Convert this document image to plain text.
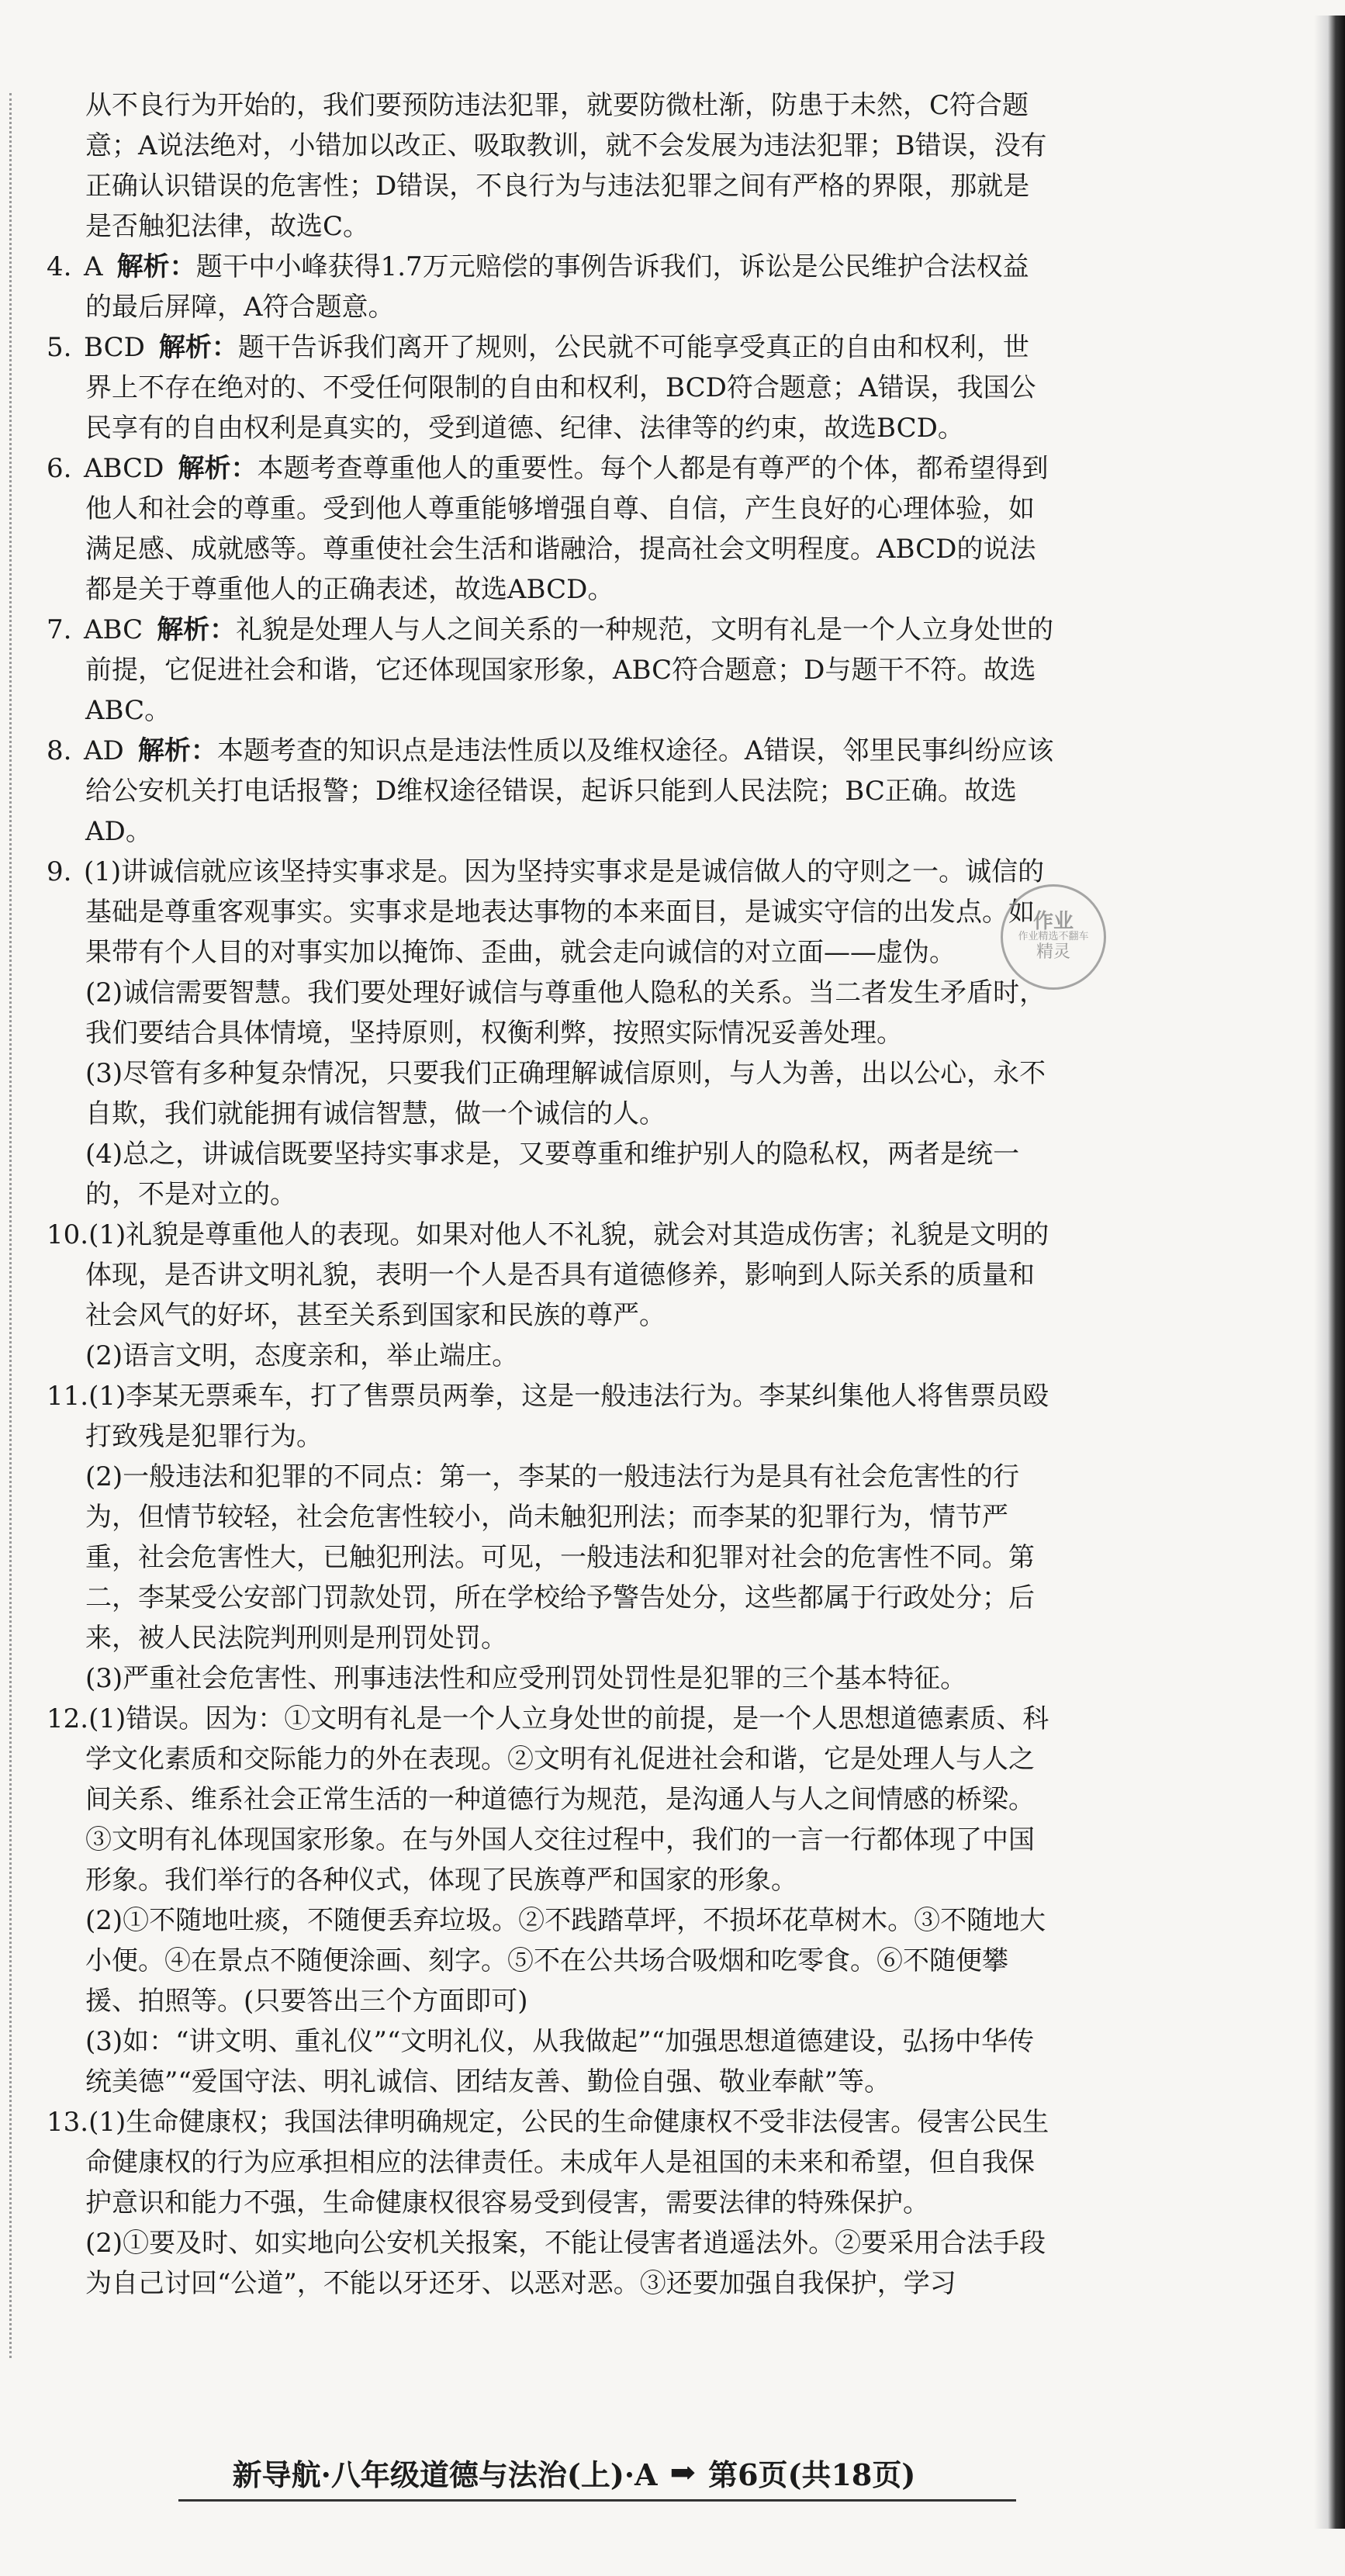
从不良行为开始的，我们要预防违法犯罪，就要防微杜渐，防患于未然，C符合题
意；A说法绝对，小错加以改正、吸取教训，就不会发展为违法犯罪；B错误，没有
正确认识错误的危害性；D错误，不良行为与违法犯罪之间有严格的界限，那就是
是否触犯法律，故选C。
4. A 解析：题干中小峰获得1.7万元赔偿的事例告诉我们，诉讼是公民维护合法权益的最后屏障，A符合题意。
5. BCD 解析：题干告诉我们离开了规则，公民就不可能享受真正的自由和权利，世界上不存在绝对的、不受任何限制的自由和权利，BCD符合题意；A错误，我国公民享有的自由权利是真实的，受到道德、纪律、法律等的约束，故选BCD。
6. ABCD 解析：本题考查尊重他人的重要性。每个人都是有尊严的个体，都希望得到他人和社会的尊重。受到他人尊重能够增强自尊、自信，产生良好的心理体验，如满足感、成就感等。尊重使社会生活和谐融洽，提高社会文明程度。ABCD的说法都是关于尊重他人的正确表述，故选ABCD。
7. ABC 解析：礼貌是处理人与人之间关系的一种规范，文明有礼是一个人立身处世的前提，它促进社会和谐，它还体现国家形象，ABC符合题意；D与题干不符。故选ABC。
8. AD 解析：本题考查的知识点是违法性质以及维权途径。A错误，邻里民事纠纷应该给公安机关打电话报警；D维权途径错误，起诉只能到人民法院；BC正确。故选AD。
9. (1)讲诚信就应该坚持实事求是。因为坚持实事求是是诚信做人的守则之一。诚信的基础是尊重客观事实。实事求是地表达事物的本来面目，是诚实守信的出发点。如果带有个人目的对事实加以掩饰、歪曲，就会走向诚信的对立面——虚伪。
(2)诚信需要智慧。我们要处理好诚信与尊重他人隐私的关系。当二者发生矛盾时，我们要结合具体情境，坚持原则，权衡利弊，按照实际情况妥善处理。
(3)尽管有多种复杂情况，只要我们正确理解诚信原则，与人为善，出以公心，永不自欺，我们就能拥有诚信智慧，做一个诚信的人。
(4)总之，讲诚信既要坚持实事求是，又要尊重和维护别人的隐私权，两者是统一的，不是对立的。
10.(1)礼貌是尊重他人的表现。如果对他人不礼貌，就会对其造成伤害；礼貌是文明的体现，是否讲文明礼貌，表明一个人是否具有道德修养，影响到人际关系的质量和社会风气的好坏，甚至关系到国家和民族的尊严。
(2)语言文明，态度亲和，举止端庄。
11.(1)李某无票乘车，打了售票员两拳，这是一般违法行为。李某纠集他人将售票员殴打致残是犯罪行为。
(2)一般违法和犯罪的不同点：第一，李某的一般违法行为是具有社会危害性的行为，但情节较轻，社会危害性较小，尚未触犯刑法；而李某的犯罪行为，情节严重，社会危害性大，已触犯刑法。可见，一般违法和犯罪对社会的危害性不同。第二，李某受公安部门罚款处罚，所在学校给予警告处分，这些都属于行政处分；后来，被人民法院判刑则是刑罚处罚。
(3)严重社会危害性、刑事违法性和应受刑罚处罚性是犯罪的三个基本特征。
12.(1)错误。因为：①文明有礼是一个人立身处世的前提，是一个人思想道德素质、科学文化素质和交际能力的外在表现。②文明有礼促进社会和谐，它是处理人与人之间关系、维系社会正常生活的一种道德行为规范，是沟通人与人之间情感的桥梁。③文明有礼体现国家形象。在与外国人交往过程中，我们的一言一行都体现了中国形象。我们举行的各种仪式，体现了民族尊严和国家的形象。
(2)①不随地吐痰，不随便丢弃垃圾。②不践踏草坪，不损坏花草树木。③不随地大小便。④在景点不随便涂画、刻字。⑤不在公共场合吸烟和吃零食。⑥不随便攀援、拍照等。(只要答出三个方面即可)
(3)如：“讲文明、重礼仪”“文明礼仪，从我做起”“加强思想道德建设，弘扬中华传统美德”“爱国守法、明礼诚信、团结友善、勤俭自强、敬业奉献”等。
13.(1)生命健康权；我国法律明确规定，公民的生命健康权不受非法侵害。侵害公民生命健康权的行为应承担相应的法律责任。未成年人是祖国的未来和希望，但自我保护意识和能力不强，生命健康权很容易受到侵害，需要法律的特殊保护。
(2)①要及时、如实地向公安机关报案，不能让侵害者逍遥法外。②要采用合法手段为自己讨回“公道”，不能以牙还牙、以恶对恶。③还要加强自我保护，学习
作业
作业精选不翻车
精灵
新导航·八年级道德与法治(上)·A ➡ 第6页(共18页)
